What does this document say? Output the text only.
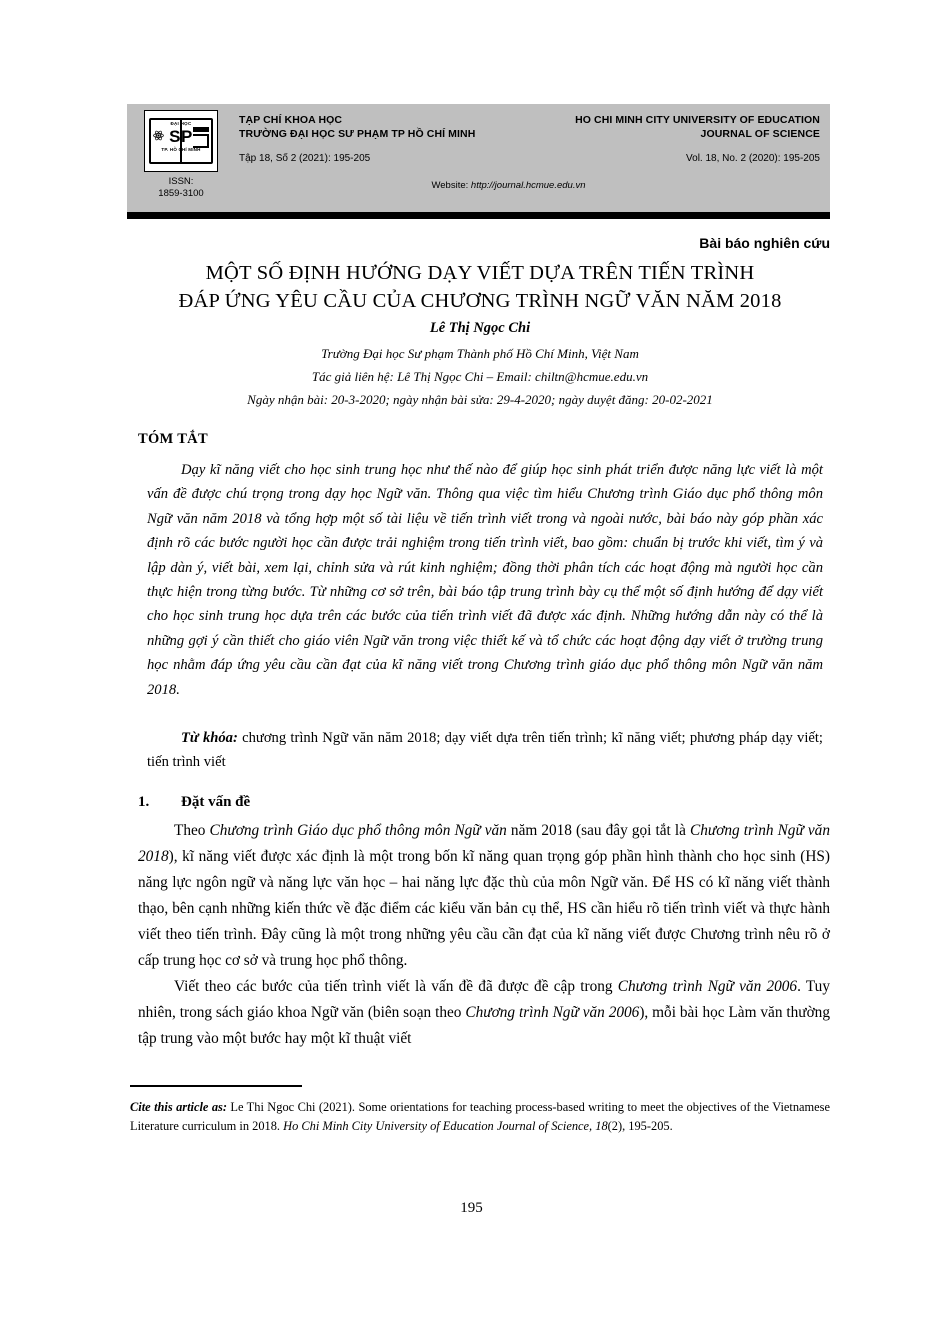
ĐẠI HỌC
SP
TP. HỒ CHÍ MINH
ISSN:
1859-3100
TẠP CHÍ KHOA HỌC
TRƯỜNG ĐẠI HỌC SƯ PHẠM TP HỒ CHÍ MINH
Tập 18, Số 2 (2021): 195-205
HO CHI MINH CITY UNIVERSITY OF EDUCATION
JOURNAL OF SCIENCE
Vol. 18, No. 2 (2020): 195-205
Website: http://journal.hcmue.edu.vn
Bài báo nghiên cứu
MỘT SỐ ĐỊNH HƯỚNG DẠY VIẾT DỰA TRÊN TIẾN TRÌNH
ĐÁP ỨNG YÊU CẦU CỦA CHƯƠNG TRÌNH NGỮ VĂN NĂM 2018
Lê Thị Ngọc Chi
Trường Đại học Sư phạm Thành phố Hồ Chí Minh, Việt Nam
Tác giả liên hệ: Lê Thị Ngọc Chi – Email: chiltn@hcmue.edu.vn
Ngày nhận bài: 20-3-2020; ngày nhận bài sửa: 29-4-2020; ngày duyệt đăng: 20-02-2021
TÓM TẮT
Dạy kĩ năng viết cho học sinh trung học như thế nào để giúp học sinh phát triển được năng lực viết là một vấn đề được chú trọng trong dạy học Ngữ văn. Thông qua việc tìm hiểu Chương trình Giáo dục phổ thông môn Ngữ văn năm 2018 và tổng hợp một số tài liệu về tiến trình viết trong và ngoài nước, bài báo này góp phần xác định rõ các bước người học cần được trải nghiệm trong tiến trình viết, bao gồm: chuẩn bị trước khi viết, tìm ý và lập dàn ý, viết bài, xem lại, chỉnh sửa và rút kinh nghiệm; đồng thời phân tích các hoạt động mà người học cần thực hiện trong từng bước. Từ những cơ sở trên, bài báo tập trung trình bày cụ thể một số định hướng để dạy viết cho học sinh trung học dựa trên các bước của tiến trình viết đã được xác định. Những hướng dẫn này có thể là những gợi ý cần thiết cho giáo viên Ngữ văn trong việc thiết kế và tổ chức các hoạt động dạy viết ở trường trung học nhằm đáp ứng yêu cầu cần đạt của kĩ năng viết trong Chương trình giáo dục phổ thông môn Ngữ văn năm 2018.
Từ khóa: chương trình Ngữ văn năm 2018; dạy viết dựa trên tiến trình; kĩ năng viết; phương pháp dạy viết; tiến trình viết
1. Đặt vấn đề
Theo Chương trình Giáo dục phổ thông môn Ngữ văn năm 2018 (sau đây gọi tắt là Chương trình Ngữ văn 2018), kĩ năng viết được xác định là một trong bốn kĩ năng quan trọng góp phần hình thành cho học sinh (HS) năng lực ngôn ngữ và năng lực văn học – hai năng lực đặc thù của môn Ngữ văn. Để HS có kĩ năng viết thành thạo, bên cạnh những kiến thức về đặc điểm các kiểu văn bản cụ thể, HS cần hiểu rõ tiến trình viết và thực hành viết theo tiến trình. Đây cũng là một trong những yêu cầu cần đạt của kĩ năng viết được Chương trình nêu rõ ở cấp trung học cơ sở và trung học phổ thông.
Viết theo các bước của tiến trình viết là vấn đề đã được đề cập trong Chương trình Ngữ văn 2006. Tuy nhiên, trong sách giáo khoa Ngữ văn (biên soạn theo Chương trình Ngữ văn 2006), mỗi bài học Làm văn thường tập trung vào một bước hay một kĩ thuật viết
Cite this article as: Le Thi Ngoc Chi (2021). Some orientations for teaching process-based writing to meet the objectives of the Vietnamese Literature curriculum in 2018. Ho Chi Minh City University of Education Journal of Science, 18(2), 195-205.
195
